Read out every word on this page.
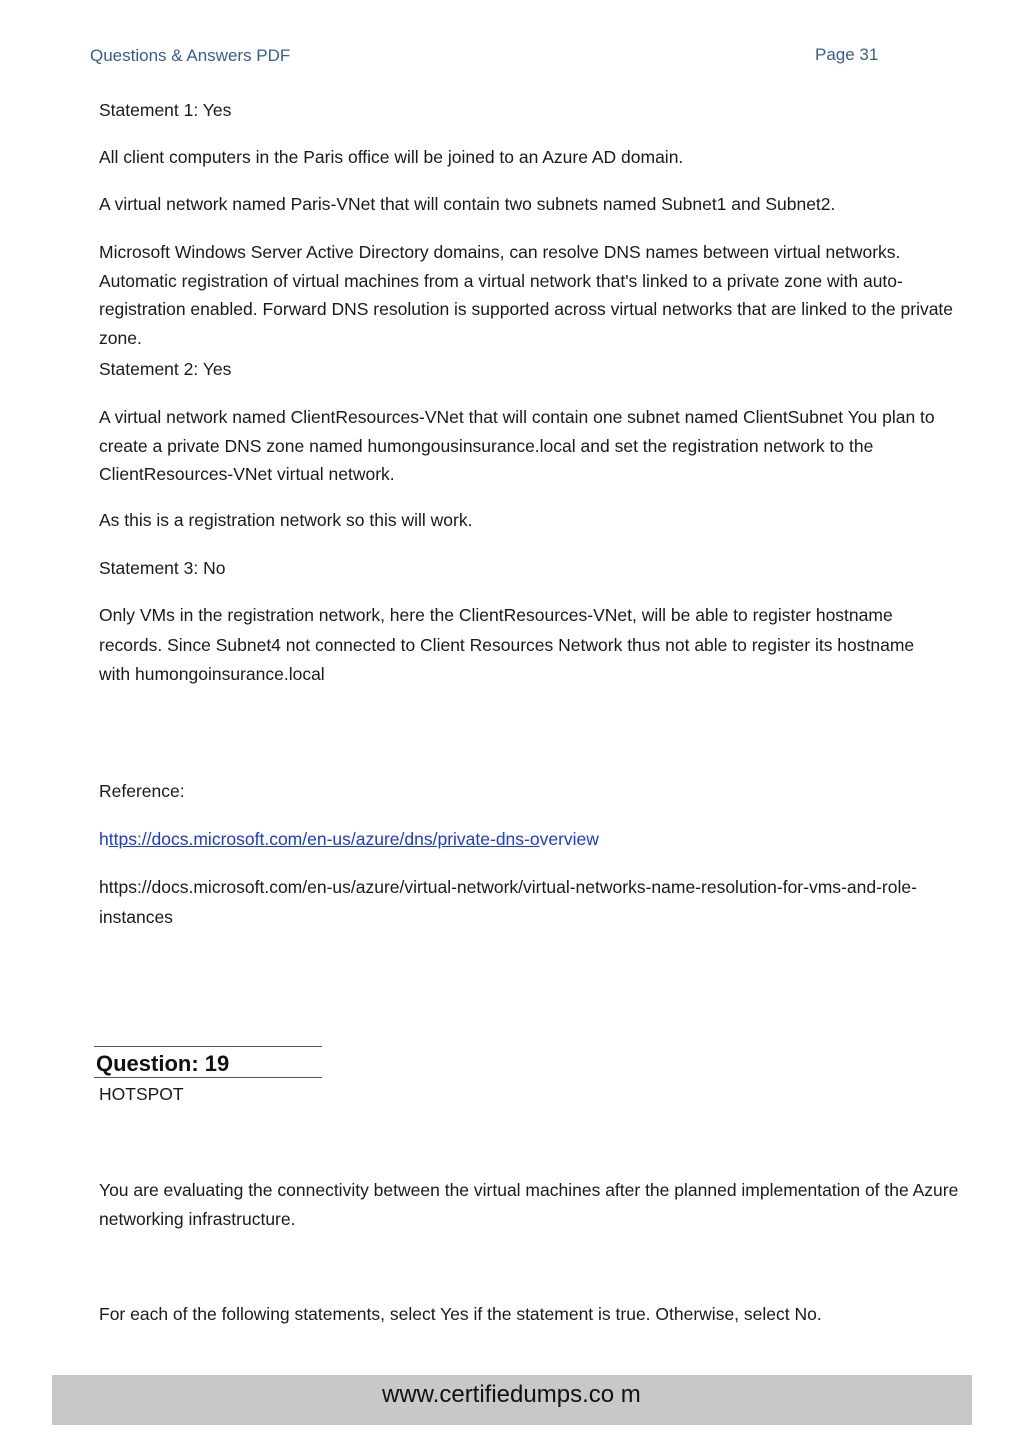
Questions & Answers PDF	Page 31
Statement 1: Yes
All client computers in the Paris office will be joined to an Azure AD domain.
A virtual network named Paris-VNet that will contain two subnets named Subnet1 and Subnet2.
Microsoft Windows Server Active Directory domains, can resolve DNS names between virtual networks. Automatic registration of virtual machines from a virtual network that's linked to a private zone with auto-registration enabled. Forward DNS resolution is supported across virtual networks that are linked to the private zone.
Statement 2: Yes
A virtual network named ClientResources-VNet that will contain one subnet named ClientSubnet You plan to create a private DNS zone named humongousinsurance.local and set the registration network to the ClientResources-VNet virtual network.
As this is a registration network so this will work.
Statement 3: No
Only VMs in the registration network, here the ClientResources-VNet, will be able to register hostname records. Since Subnet4 not connected to Client Resources Network thus not able to register its hostname with humongoinsurance.local
Reference:
https://docs.microsoft.com/en-us/azure/dns/private-dns-overview
https://docs.microsoft.com/en-us/azure/virtual-network/virtual-networks-name-resolution-for-vms-and-role-instances
Question: 19
HOTSPOT
You are evaluating the connectivity between the virtual machines after the planned implementation of the Azure networking infrastructure.
For each of the following statements, select Yes if the statement is true. Otherwise, select No.
www.certifiedumps.co m
